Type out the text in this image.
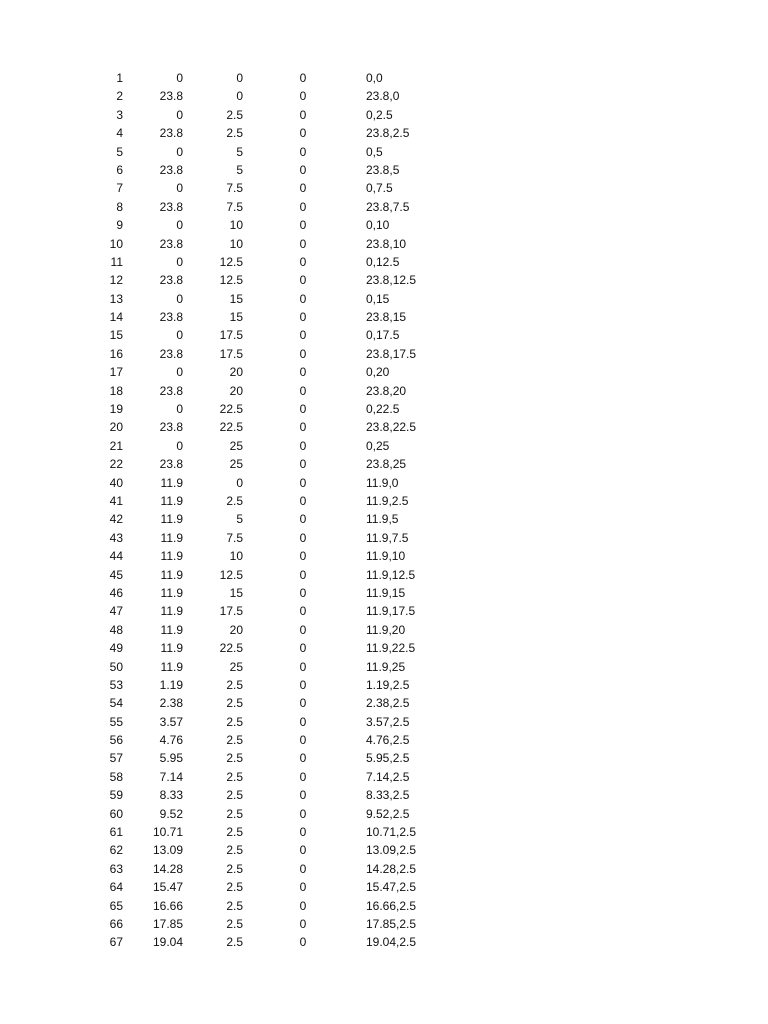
1	0	0	0	0,0
2	23.8	0	0	23.8,0
3	0	2.5	0	0,2.5
4	23.8	2.5	0	23.8,2.5
5	0	5	0	0,5
6	23.8	5	0	23.8,5
7	0	7.5	0	0,7.5
8	23.8	7.5	0	23.8,7.5
9	0	10	0	0,10
10	23.8	10	0	23.8,10
11	0	12.5	0	0,12.5
12	23.8	12.5	0	23.8,12.5
13	0	15	0	0,15
14	23.8	15	0	23.8,15
15	0	17.5	0	0,17.5
16	23.8	17.5	0	23.8,17.5
17	0	20	0	0,20
18	23.8	20	0	23.8,20
19	0	22.5	0	0,22.5
20	23.8	22.5	0	23.8,22.5
21	0	25	0	0,25
22	23.8	25	0	23.8,25
40	11.9	0	0	11.9,0
41	11.9	2.5	0	11.9,2.5
42	11.9	5	0	11.9,5
43	11.9	7.5	0	11.9,7.5
44	11.9	10	0	11.9,10
45	11.9	12.5	0	11.9,12.5
46	11.9	15	0	11.9,15
47	11.9	17.5	0	11.9,17.5
48	11.9	20	0	11.9,20
49	11.9	22.5	0	11.9,22.5
50	11.9	25	0	11.9,25
53	1.19	2.5	0	1.19,2.5
54	2.38	2.5	0	2.38,2.5
55	3.57	2.5	0	3.57,2.5
56	4.76	2.5	0	4.76,2.5
57	5.95	2.5	0	5.95,2.5
58	7.14	2.5	0	7.14,2.5
59	8.33	2.5	0	8.33,2.5
60	9.52	2.5	0	9.52,2.5
61	10.71	2.5	0	10.71,2.5
62	13.09	2.5	0	13.09,2.5
63	14.28	2.5	0	14.28,2.5
64	15.47	2.5	0	15.47,2.5
65	16.66	2.5	0	16.66,2.5
66	17.85	2.5	0	17.85,2.5
67	19.04	2.5	0	19.04,2.5
